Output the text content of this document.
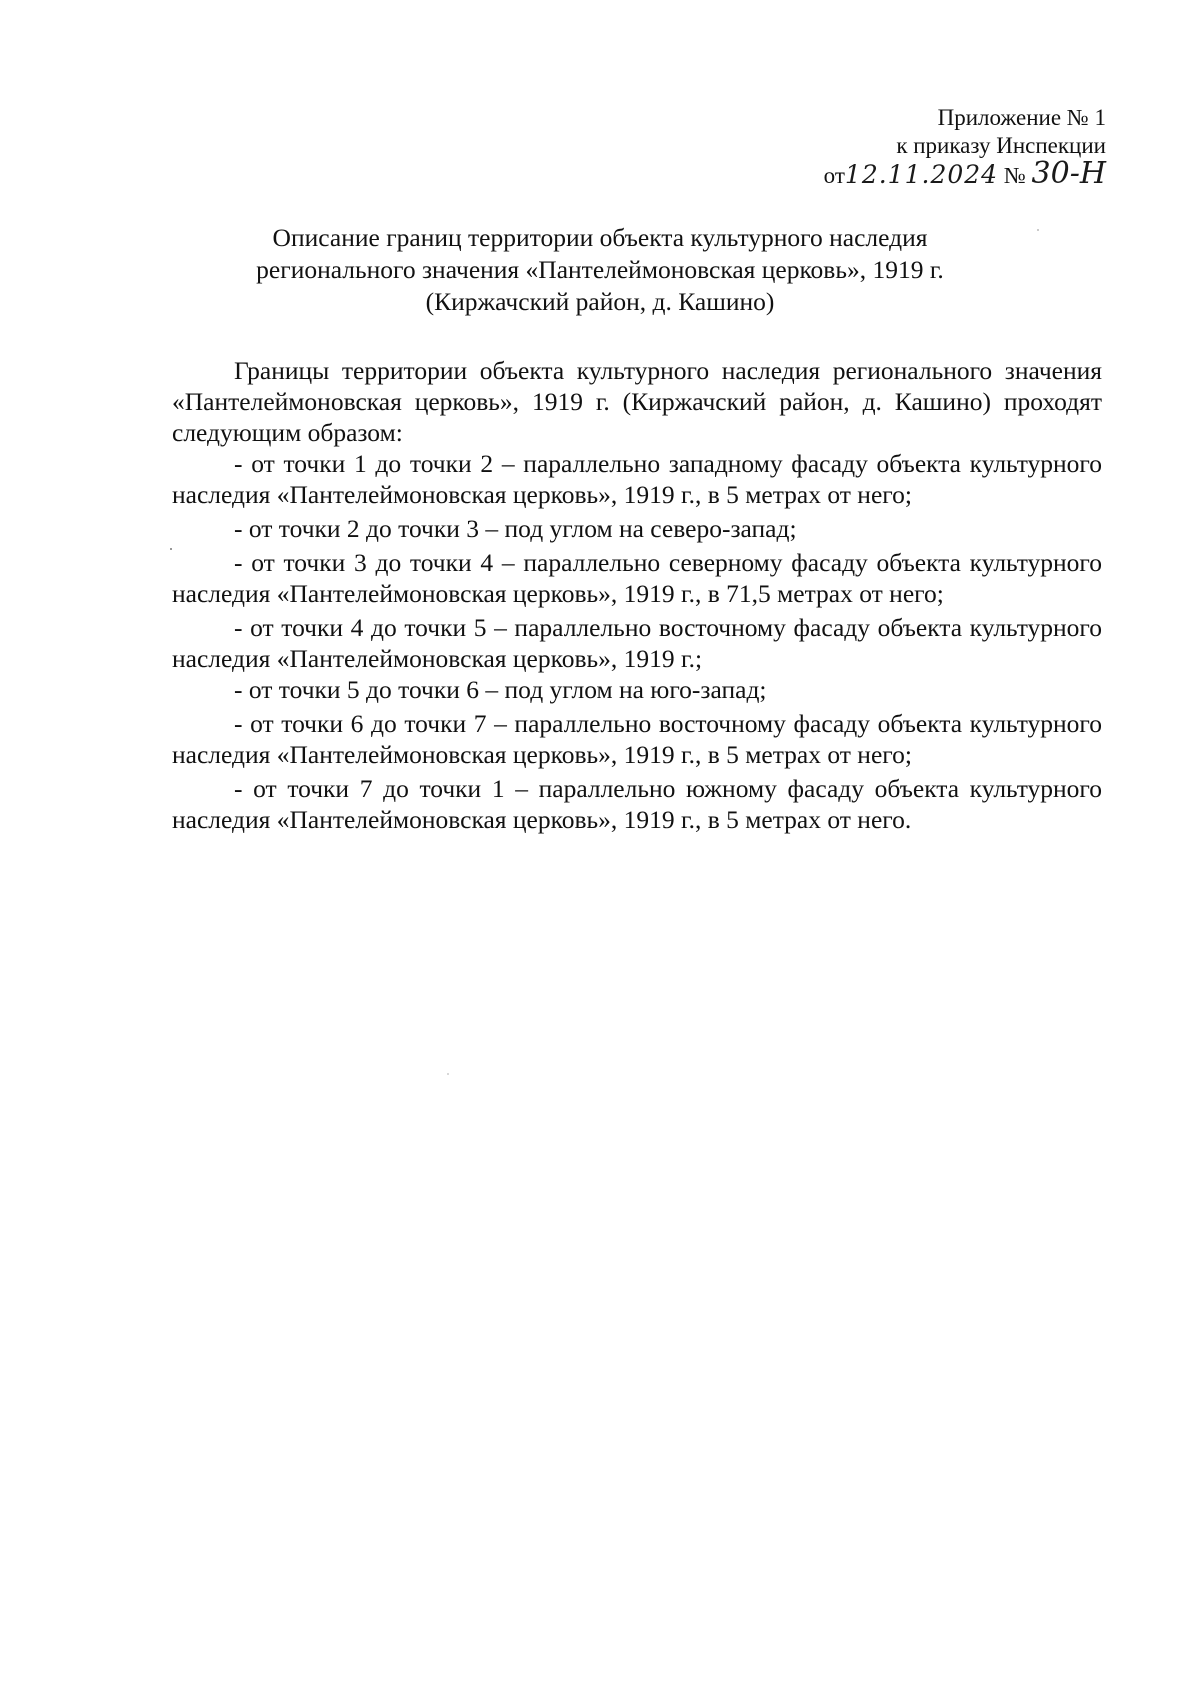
Приложение № 1
к приказу Инспекции
от12.11.2024 № 30-Н
Описание границ территории объекта культурного наследия
регионального значения «Пантелеймоновская церковь», 1919 г.
(Киржачский район, д. Кашино)

Границы территории объекта культурного наследия регионального значения «Пантелеймоновская церковь», 1919 г. (Киржачский район, д. Кашино) проходят следующим образом:

- от точки 1 до точки 2 – параллельно западному фасаду объекта культурного наследия «Пантелеймоновская церковь», 1919 г., в 5 метрах от него;

- от точки 2 до точки 3 – под углом на северо-запад;

- от точки 3 до точки 4 – параллельно северному фасаду объекта культурного наследия «Пантелеймоновская церковь», 1919 г., в 71,5 метрах от него;

- от точки 4 до точки 5 – параллельно восточному фасаду объекта культурного наследия «Пантелеймоновская церковь», 1919 г.;

- от точки 5 до точки 6 – под углом на юго-запад;

- от точки 6 до точки 7 – параллельно восточному фасаду объекта культурного наследия «Пантелеймоновская церковь», 1919 г., в 5 метрах от него;

- от точки 7 до точки 1 – параллельно южному фасаду объекта культурного наследия «Пантелеймоновская церковь», 1919 г., в 5 метрах от него.
